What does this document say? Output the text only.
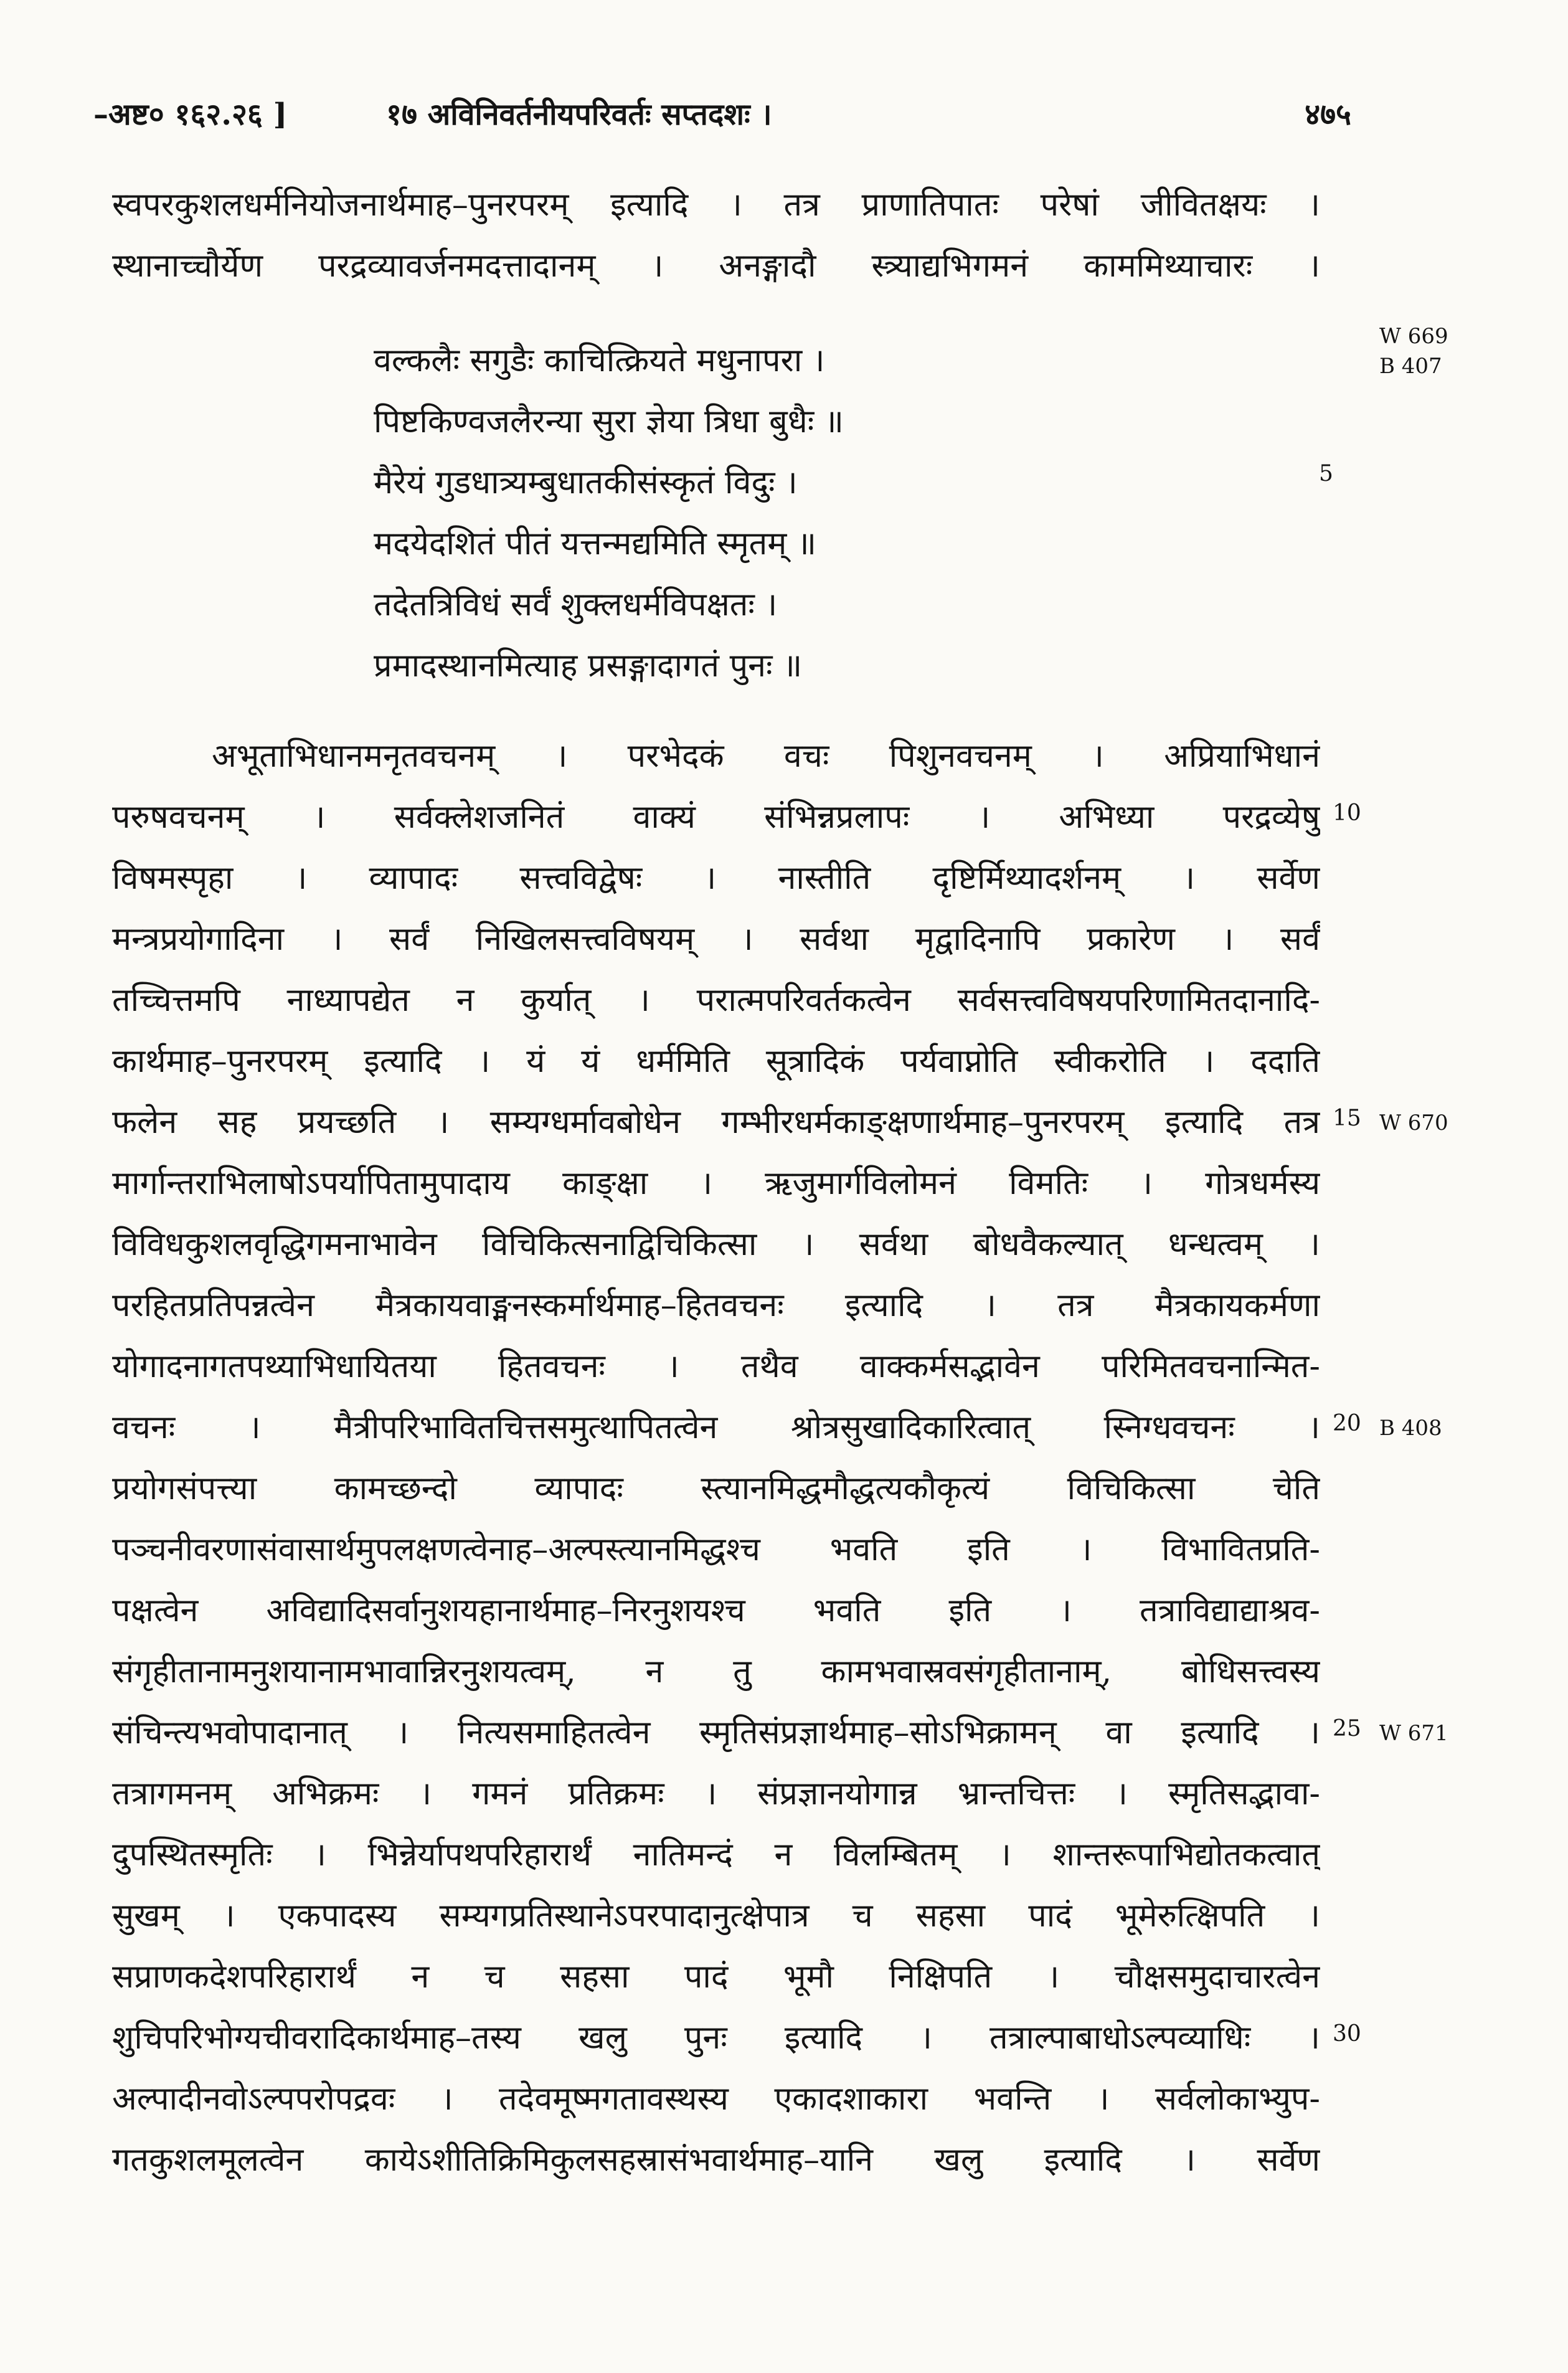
–अष्ट० १६२.२६ ]	१७ अविनिवर्तनीयपरिवर्तः सप्तदशः ।	४७५
स्वपरकुशलधर्मनियोजनार्थमाह–पुनरपरम् इत्यादि । तत्र प्राणातिपातः परेषां जीवितक्षयः ।
स्थानाच्चौर्येण परद्रव्यावर्जनमदत्तादानम् । अनङ्गादौ स्त्र्याद्यभिगमनं काममिथ्याचारः ।
वल्कलैः सगुडैः काचित्क्रियते मधुनापरा ।
पिष्टकिण्वजलैरन्या सुरा ज्ञेया त्रिधा बुधैः ॥
मैरेयं गुडधात्र्यम्बुधातकीसंस्कृतं विदुः ।
मदयेदशितं पीतं यत्तन्मद्यमिति स्मृतम् ॥
तदेतत्रिविधं सर्वं शुक्लधर्मविपक्षतः ।
प्रमादस्थानमित्याह प्रसङ्गादागतं पुनः ॥
अभूताभिधानमनृतवचनम् । परभेदकं वचः पिशुनवचनम् । अप्रियाभिधानं
परुषवचनम् । सर्वक्लेशजनितं वाक्यं संभिन्नप्रलापः । अभिध्या परद्रव्येषु
विषमस्पृहा । व्यापादः सत्त्वविद्वेषः । नास्तीति दृष्टिर्मिथ्यादर्शनम् । सर्वेण
मन्त्रप्रयोगादिना । सर्वं निखिलसत्त्वविषयम् । सर्वथा मृद्वादिनापि प्रकारेण । सर्वं
तच्चित्तमपि नाध्यापद्येत न कुर्यात् । परात्मपरिवर्तकत्वेन सर्वसत्त्वविषयपरिणामितदानादि-
कार्थमाह–पुनरपरम् इत्यादि । यं यं धर्ममिति सूत्रादिकं पर्यवाप्नोति स्वीकरोति । ददाति
फलेन सह प्रयच्छति । सम्यग्धर्मावबोधेन गम्भीरधर्मकाङ्क्षणार्थमाह–पुनरपरम् इत्यादि तत्र
मार्गान्तराभिलाषोऽपर्यापितामुपादाय काङ्क्षा । ऋजुमार्गविलोमनं विमतिः । गोत्रधर्मस्य
विविधकुशलवृद्धिगमनाभावेन विचिकित्सनाद्विचिकित्सा । सर्वथा बोधवैकल्यात् धन्धत्वम् ।
परहितप्रतिपन्नत्वेन मैत्रकायवाङ्मनस्कर्मार्थमाह–हितवचनः इत्यादि । तत्र मैत्रकायकर्मणा
योगादनागतपथ्याभिधायितया हितवचनः । तथैव वाक्कर्मसद्भावेन परिमितवचनान्मित-
वचनः । मैत्रीपरिभावितचित्तसमुत्थापितत्वेन श्रोत्रसुखादिकारित्वात् स्निग्धवचनः ।
प्रयोगसंपत्त्या कामच्छन्दो व्यापादः स्त्यानमिद्धमौद्धत्यकौकृत्यं विचिकित्सा चेति
पञ्चनीवरणासंवासार्थमुपलक्षणत्वेनाह–अल्पस्त्यानमिद्धश्च भवति इति । विभावितप्रति-
पक्षत्वेन अविद्यादिसर्वानुशयहानार्थमाह–निरनुशयश्च भवति इति । तत्राविद्याद्याश्रव-
संगृहीतानामनुशयानामभावान्निरनुशयत्वम्, न तु कामभवास्रवसंगृहीतानाम्, बोधिसत्त्वस्य
संचिन्त्यभवोपादानात् । नित्यसमाहितत्वेन स्मृतिसंप्रज्ञार्थमाह–सोऽभिक्रामन् वा इत्यादि ।
तत्रागमनम् अभिक्रमः । गमनं प्रतिक्रमः । संप्रज्ञानयोगान्न भ्रान्तचित्तः । स्मृतिसद्भावा-
दुपस्थितस्मृतिः । भिन्नेर्यापथपरिहारार्थं नातिमन्दं न विलम्बितम् । शान्तरूपाभिद्योतकत्वात्
सुखम् । एकपादस्य सम्यगप्रतिस्थानेऽपरपादानुत्क्षेपात्र च सहसा पादं भूमेरुत्क्षिपति ।
सप्राणकदेशपरिहारार्थं न च सहसा पादं भूमौ निक्षिपति । चौक्षसमुदाचारत्वेन
शुचिपरिभोग्यचीवरादिकार्थमाह–तस्य खलु पुनः इत्यादि । तत्राल्पाबाधोऽल्पव्याधिः ।
अल्पादीनवोऽल्पपरोपद्रवः । तदेवमूष्मगतावस्थस्य एकादशाकारा भवन्ति । सर्वलोकाभ्युप-
गतकुशलमूलत्वेन कायेऽशीतिक्रिमिकुलसहस्रासंभवार्थमाह–यानि खलु इत्यादि । सर्वेण
5
10
15
20
25
30
W 669
B 407
W 670
B 408
W 671
